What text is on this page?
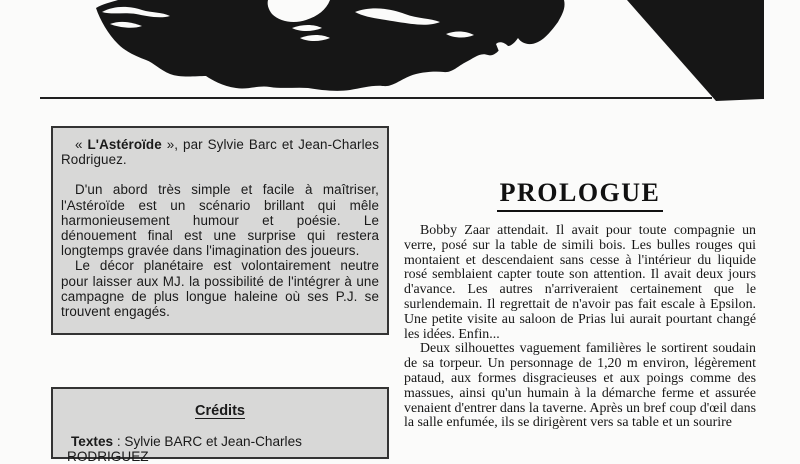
« L'Astéroïde », par Sylvie Barc et Jean-Charles Rodriguez.

D'un abord très simple et facile à maîtriser, l'Astéroïde est un scénario brillant qui mêle harmonieusement humour et poésie. Le dénouement final est une surprise qui restera longtemps gravée dans l'imagination des joueurs.

Le décor planétaire est volontairement neutre pour laisser aux MJ. la possibilité de l'intégrer à une campagne de plus longue haleine où ses P.J. se trouvent engagés.

Crédits
Textes : Sylvie BARC et Jean-Charles RODRIGUEZ
PROLOGUE

Bobby Zaar attendait. Il avait pour toute compagnie un verre, posé sur la table de simili bois. Les bulles rouges qui montaient et descendaient sans cesse à l'intérieur du liquide rosé semblaient capter toute son attention. Il avait deux jours d'avance. Les autres n'arriveraient certainement que le surlendemain. Il regrettait de n'avoir pas fait escale à Epsilon. Une petite visite au saloon de Prias lui aurait pourtant changé les idées. Enfin...

Deux silhouettes vaguement familières le sortirent soudain de sa torpeur. Un personnage de 1,20 m environ, légèrement pataud, aux formes disgracieuses et aux poings comme des massues, ainsi qu'un humain à la démarche ferme et assurée venaient d'entrer dans la taverne. Après un bref coup d'œil dans la salle enfumée, ils se dirigèrent vers sa table et un sourire
